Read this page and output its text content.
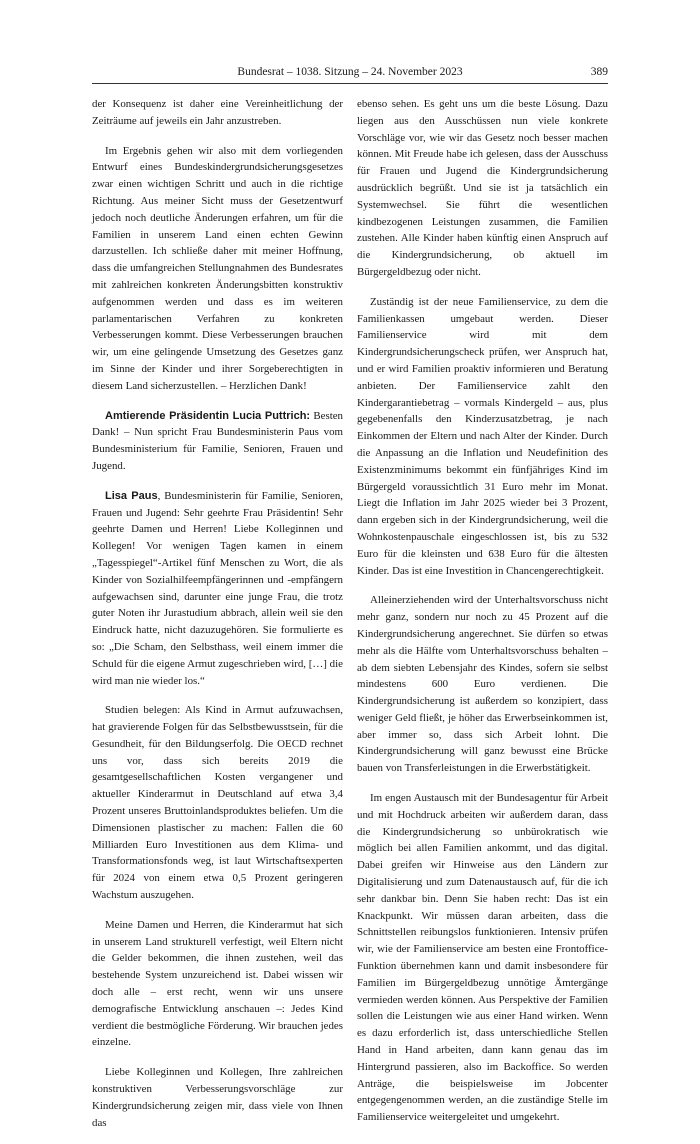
Bundesrat – 1038. Sitzung – 24. November 2023	389

der Konsequenz ist daher eine Vereinheitlichung der Zeiträume auf jeweils ein Jahr anzustreben.

Im Ergebnis gehen wir also mit dem vorliegenden Entwurf eines Bundeskindergrundsicherungsgesetzes zwar einen wichtigen Schritt und auch in die richtige Richtung. Aus meiner Sicht muss der Gesetzentwurf jedoch noch deutliche Änderungen erfahren, um für die Familien in unserem Land einen echten Gewinn darzustellen. Ich schließe daher mit meiner Hoffnung, dass die umfangreichen Stellungnahmen des Bundesrates mit zahlreichen konkreten Änderungsbitten konstruktiv aufgenommen werden und dass es im weiteren parlamentarischen Verfahren zu konkreten Verbesserungen kommt. Diese Verbesserungen brauchen wir, um eine gelingende Umsetzung des Gesetzes ganz im Sinne der Kinder und ihrer Sorgeberechtigten in diesem Land sicherzustellen. – Herzlichen Dank!

Amtierende Präsidentin Lucia Puttrich: Besten Dank! – Nun spricht Frau Bundesministerin Paus vom Bundesministerium für Familie, Senioren, Frauen und Jugend.

Lisa Paus, Bundesministerin für Familie, Senioren, Frauen und Jugend: Sehr geehrte Frau Präsidentin! Sehr geehrte Damen und Herren! Liebe Kolleginnen und Kollegen! Vor wenigen Tagen kamen in einem „Tagesspiegel“-Artikel fünf Menschen zu Wort, die als Kinder von Sozialhilfeempfängerinnen und -empfängern aufgewachsen sind, darunter eine junge Frau, die trotz guter Noten ihr Jurastudium abbrach, allein weil sie den Eindruck hatte, nicht dazuzugehören. Sie formulierte es so: „Die Scham, den Selbsthass, weil einem immer die Schuld für die eigene Armut zugeschrieben wird, […] die wird man nie wieder los.“

Studien belegen: Als Kind in Armut aufzuwachsen, hat gravierende Folgen für das Selbstbewusstsein, für die Gesundheit, für den Bildungserfolg. Die OECD rechnet uns vor, dass sich bereits 2019 die gesamtgesellschaftlichen Kosten vergangener und aktueller Kinderarmut in Deutschland auf etwa 3,4 Prozent unseres Bruttoinlandsproduktes beliefen. Um die Dimensionen plastischer zu machen: Fallen die 60 Milliarden Euro Investitionen aus dem Klima- und Transformationsfonds weg, ist laut Wirtschaftsexperten für 2024 von einem etwa 0,5 Prozent geringeren Wachstum auszugehen.

Meine Damen und Herren, die Kinderarmut hat sich in unserem Land strukturell verfestigt, weil Eltern nicht die Gelder bekommen, die ihnen zustehen, weil das bestehende System unzureichend ist. Dabei wissen wir doch alle – erst recht, wenn wir uns unsere demografische Entwicklung anschauen –: Jedes Kind verdient die bestmögliche Förderung. Wir brauchen jedes einzelne.

Liebe Kolleginnen und Kollegen, Ihre zahlreichen konstruktiven Verbesserungsvorschläge zur Kindergrundsicherung zeigen mir, dass viele von Ihnen das

ebenso sehen. Es geht uns um die beste Lösung. Dazu liegen aus den Ausschüssen nun viele konkrete Vorschläge vor, wie wir das Gesetz noch besser machen können. Mit Freude habe ich gelesen, dass der Ausschuss für Frauen und Jugend die Kindergrundsicherung ausdrücklich begrüßt. Und sie ist ja tatsächlich ein Systemwechsel. Sie führt die wesentlichen kindbezogenen Leistungen zusammen, die Familien zustehen. Alle Kinder haben künftig einen Anspruch auf die Kindergrundsicherung, ob aktuell im Bürgergeldbezug oder nicht.

Zuständig ist der neue Familienservice, zu dem die Familienkassen umgebaut werden. Dieser Familienservice wird mit dem Kindergrundsicherungscheck prüfen, wer Anspruch hat, und er wird Familien proaktiv informieren und Beratung anbieten. Der Familienservice zahlt den Kindergarantiebetrag – vormals Kindergeld – aus, plus gegebenenfalls den Kinderzusatzbetrag, je nach Einkommen der Eltern und nach Alter der Kinder. Durch die Anpassung an die Inflation und Neudefinition des Existenzminimums bekommt ein fünfjähriges Kind im Bürgergeld voraussichtlich 31 Euro mehr im Monat. Liegt die Inflation im Jahr 2025 wieder bei 3 Prozent, dann ergeben sich in der Kindergrundsicherung, weil die Wohnkostenpauschale eingeschlossen ist, bis zu 532 Euro für die kleinsten und 638 Euro für die ältesten Kinder. Das ist eine Investition in Chancengerechtigkeit.

Alleinerziehenden wird der Unterhaltsvorschuss nicht mehr ganz, sondern nur noch zu 45 Prozent auf die Kindergrundsicherung angerechnet. Sie dürfen so etwas mehr als die Hälfte vom Unterhaltsvorschuss behalten – ab dem siebten Lebensjahr des Kindes, sofern sie selbst mindestens 600 Euro verdienen. Die Kindergrundsicherung ist außerdem so konzipiert, dass weniger Geld fließt, je höher das Erwerbseinkommen ist, aber immer so, dass sich Arbeit lohnt. Die Kindergrundsicherung will ganz bewusst eine Brücke bauen von Transferleistungen in die Erwerbstätigkeit.

Im engen Austausch mit der Bundesagentur für Arbeit und mit Hochdruck arbeiten wir außerdem daran, dass die Kindergrundsicherung so unbürokratisch wie möglich bei allen Familien ankommt, und das digital. Dabei greifen wir Hinweise aus den Ländern zur Digitalisierung und zum Datenaustausch auf, für die ich sehr dankbar bin. Denn Sie haben recht: Das ist ein Knackpunkt. Wir müssen daran arbeiten, dass die Schnittstellen reibungslos funktionieren. Intensiv prüfen wir, wie der Familienservice am besten eine Frontoffice-Funktion übernehmen kann und damit insbesondere für Familien im Bürgergeldbezug unnötige Ämtergänge vermieden werden können. Aus Perspektive der Familien sollen die Leistungen wie aus einer Hand wirken. Wenn es dazu erforderlich ist, dass unterschiedliche Stellen Hand in Hand arbeiten, dann kann genau das im Hintergrund passieren, also im Backoffice. So werden Anträge, die beispielsweise im Jobcenter entgegengenommen werden, an die zuständige Stelle im Familienservice weitergeleitet und umgekehrt.
